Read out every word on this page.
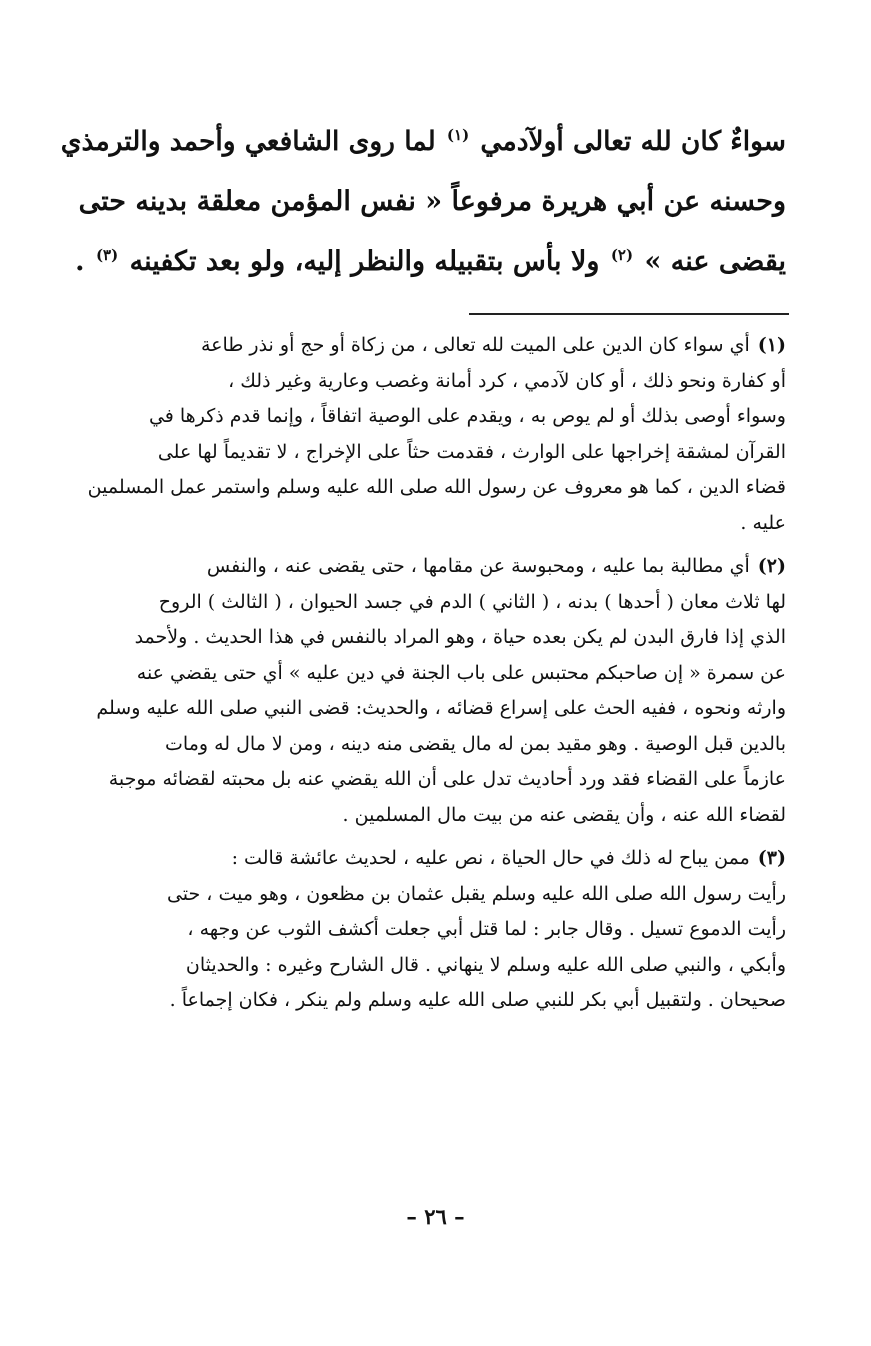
سواءٌ كان لله تعالى أولآدمي $^{(١)}$ لما روى الشافعي وأحمد والترمذي
وحسنه عن أبي هريرة مرفوعاً « نفس المؤمن معلقة بدينه حتى
يقضى عنه » $^{(٢)}$ ولا بأس بتقبيله والنظر إليه، ولو بعد تكفينه $^{(٣)}$ .
(١)أي سواء كان الدين على الميت لله تعالى ، من زكاة أو حج أو نذر طاعة
أو كفارة ونحو ذلك ، أو كان لآدمي ، كرد أمانة وغصب وعارية وغير ذلك ،
وسواء أوصى بذلك أو لم يوص به ، ويقدم على الوصية اتفاقاً ، وإنما قدم ذكرها في
القرآن لمشقة إخراجها على الوارث ، فقدمت حثاً على الإخراج ، لا تقديماً لها على
قضاء الدين ، كما هو معروف عن رسول الله صلى الله عليه وسلم واستمر عمل المسلمين
عليه .
(٢)أي مطالبة بما عليه ، ومحبوسة عن مقامها ، حتى يقضى عنه ، والنفس
لها ثلاث معان ( أحدها ) بدنه ، ( الثاني ) الدم في جسد الحيوان ، ( الثالث ) الروح
الذي إذا فارق البدن لم يكن بعده حياة ، وهو المراد بالنفس في هذا الحديث . ولأحمد
عن سمرة « إن صاحبكم محتبس على باب الجنة في دين عليه » أي حتى يقضي عنه
وارثه ونحوه ، ففيه الحث على إسراع قضائه ، والحديث: قضى النبي صلى الله عليه وسلم
بالدين قبل الوصية . وهو مقيد بمن له مال يقضى منه دينه ، ومن لا مال له ومات
عازماً على القضاء فقد ورد أحاديث تدل على أن الله يقضي عنه بل محبته لقضائه موجبة
لقضاء الله عنه ، وأن يقضى عنه من بيت مال المسلمين .
(٣)ممن يباح له ذلك في حال الحياة ، نص عليه ، لحديث عائشة قالت :
رأيت رسول الله صلى الله عليه وسلم يقبل عثمان بن مظعون ، وهو ميت ، حتى
رأيت الدموع تسيل . وقال جابر : لما قتل أبي جعلت أكشف الثوب عن وجهه ،
وأبكي ، والنبي صلى الله عليه وسلم لا ينهاني . قال الشارح وغيره : والحديثان
صحيحان . ولتقبيل أبي بكر للنبي صلى الله عليه وسلم ولم ينكر ، فكان إجماعاً .
– ٢٦ –
